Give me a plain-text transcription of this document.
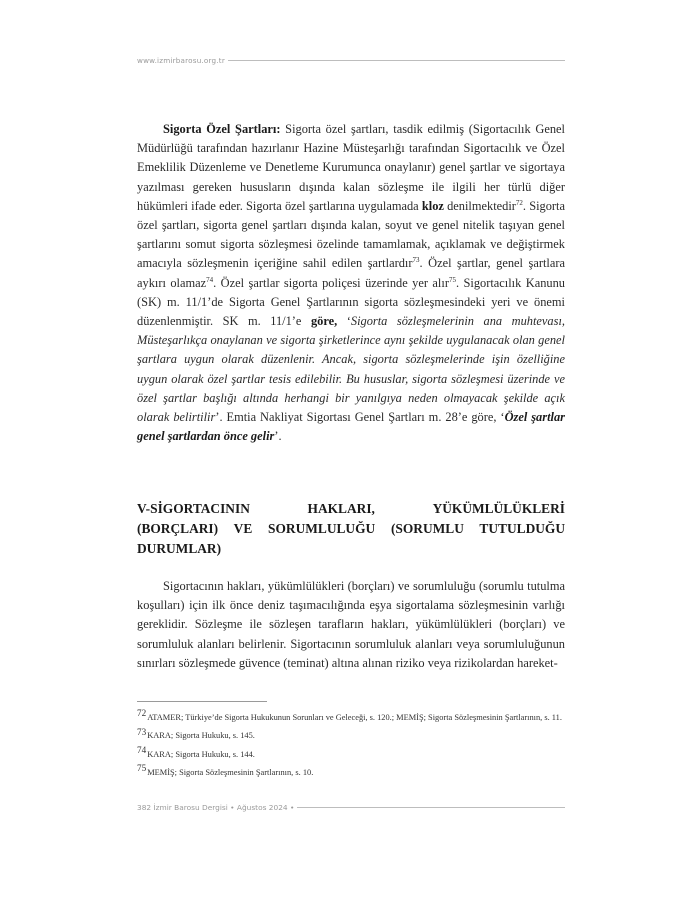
www.izmirbarosu.org.tr

Sigorta Özel Şartları: Sigorta özel şartları, tasdik edilmiş (Sigortacılık Genel Müdürlüğü tarafından hazırlanır Hazine Müsteşarlığı tarafından Sigortacılık ve Özel Emeklilik Düzenleme ve Denetleme Kurumunca onaylanır) genel şartlar ve sigortaya yazılması gereken hususların dışında kalan sözleşme ile ilgili her türlü diğer hükümleri ifade eder. Sigorta özel şartlarına uygulamada kloz denilmektedir$^{72}$. Sigorta özel şartları, sigorta genel şartları dışında kalan, soyut ve genel nitelik taşıyan genel şartlarını somut sigorta sözleşmesi özelinde tamamlamak, açıklamak ve değiştirmek amacıyla sözleşmenin içeriğine sahil edilen şartlardır$^{73}$. Özel şartlar, genel şartlara aykırı olamaz$^{74}$. Özel şartlar sigorta poliçesi üzerinde yer alır$^{75}$. Sigortacılık Kanunu (SK) m. 11/1’de Sigorta Genel Şartlarının sigorta sözleşmesindeki yeri ve önemi düzenlenmiştir. SK m. 11/1’e göre, ‘Sigorta sözleşmelerinin ana muhtevası, Müsteşarlıkça onaylanan ve sigorta şirketlerince aynı şekilde uygulanacak olan genel şartlara uygun olarak düzenlenir. Ancak, sigorta sözleşmelerinde işin özelliğine uygun olarak özel şartlar tesis edilebilir. Bu hususlar, sigorta sözleşmesi üzerinde ve özel şartlar başlığı altında herhangi bir yanılgıya neden olmayacak şekilde açık olarak belirtilir’. Emtia Nakliyat Sigortası Genel Şartları m. 28’e göre, ‘Özel şartlar genel şartlardan önce gelir’.

V-SİGORTACININ	HAKLARI,	YÜKÜMLÜLÜKLERİ
(BORÇLARI) VE SORUMLULUĞU (SORUMLU TUTULDUĞU DURUMLAR)

Sigortacının hakları, yükümlülükleri (borçları) ve sorumluluğu (sorumlu tutulma koşulları) için ilk önce deniz taşımacılığında eşya sigortalama sözleşmesinin varlığı gereklidir. Sözleşme ile sözleşen tarafların hakları, yükümlülükleri (borçları) ve sorumluluk alanları belirlenir. Sigortacının sorumluluk alanları veya sorumluluğunun sınırları sözleşmede güvence (teminat) altına alınan riziko veya rizikolardan hareket-

72ATAMER; Türkiye’de Sigorta Hukukunun Sorunları ve Geleceği, s. 120.; MEMİŞ; Sigorta Sözleşmesinin Şartlarının, s. 11.
73KARA; Sigorta Hukuku, s. 145.
74KARA; Sigorta Hukuku, s. 144.
75MEMİŞ; Sigorta Sözleşmesinin Şartlarının, s. 10.
382 İzmir Barosu Dergisi • Ağustos 2024 •
